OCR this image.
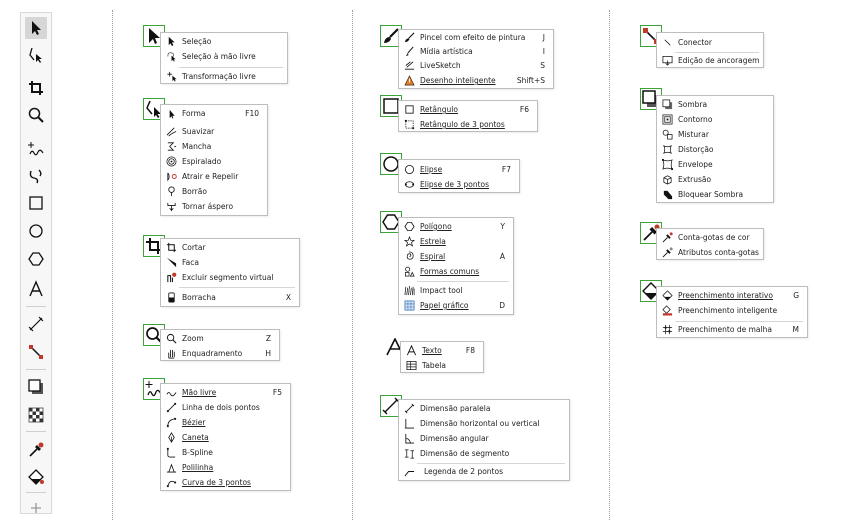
Seleção
Seleção à mão livre
Transformação livre
Forma	F10
Suavizar
Mancha
Espiralado
Atrair e Repelir
Borrão
Tornar áspero
Cortar
Faca
Excluir segmento virtual
Borracha	X
Zoom	Z
Enquadramento	H
Mão livre	F5
Linha de dois pontos
Bézier
Caneta
B-Spline
Polilinha
Curva de 3 pontos
Pincel com efeito de pintura J
Mídia artística	I
LiveSketch	S
Desenho inteligente	Shift+S
Retângulo	F6
Retângulo de 3 pontos
Elipse	F7
Elipse de 3 pontos
Polígono	Y
Estrela
Espiral	A
Formas comuns
Impact tool
Papel gráfico	D
Texto	F8
Tabela
Dimensão paralela
Dimensão horizontal ou vertical
Dimensão angular
Dimensão de segmento
Legenda de 2 pontos
Conector
Edição de ancoragem
Sombra
Contorno
Misturar
Distorção
Envelope
Extrusão
Bloquear Sombra
Conta-gotas de cor
Atributos conta-gotas
Preenchimento interativo	G
Preenchimento inteligente
Preenchimento de malha	M
